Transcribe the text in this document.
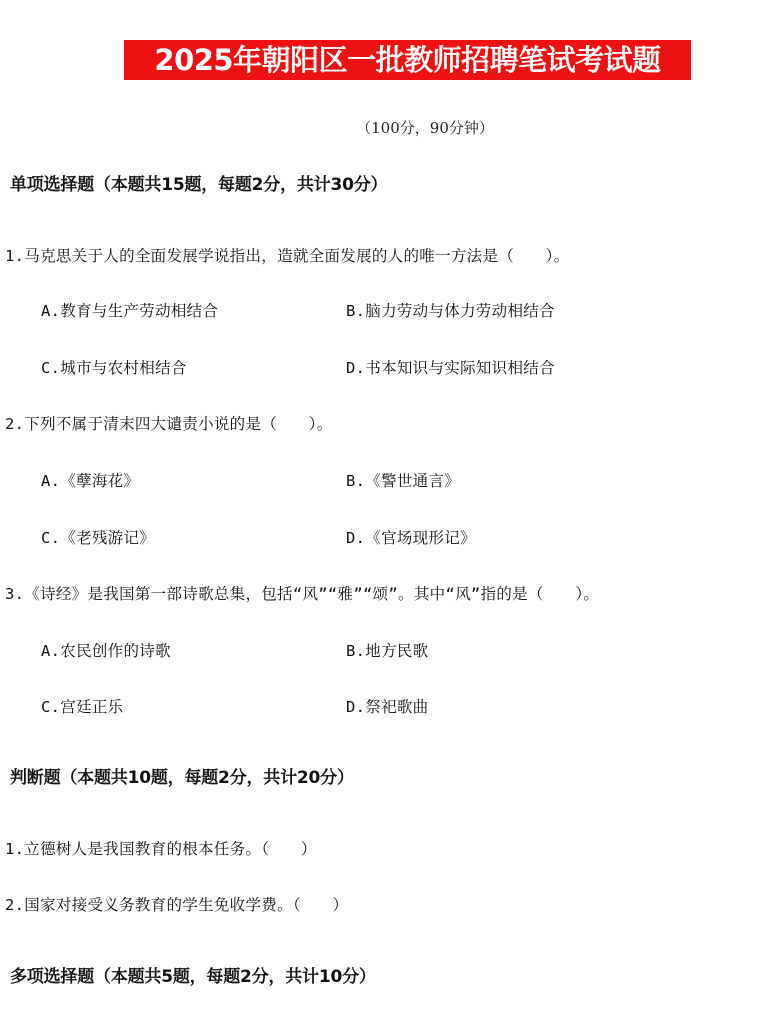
2025年朝阳区一批教师招聘笔试考试题
（100分，90分钟）
单项选择题（本题共15题，每题2分，共计30分）
1.马克思关于人的全面发展学说指出，造就全面发展的人的唯一方法是（　　）。
A.教育与生产劳动相结合	B.脑力劳动与体力劳动相结合
C.城市与农村相结合	D.书本知识与实际知识相结合
2.下列不属于清末四大谴责小说的是（　　）。
A.《孽海花》	B.《警世通言》
C.《老残游记》	D.《官场现形记》
3.《诗经》是我国第一部诗歌总集，包括“风”“雅”“颂”。其中“风”指的是（　　）。
A.农民创作的诗歌	B.地方民歌
C.宫廷正乐	D.祭祀歌曲
判断题（本题共10题，每题2分，共计20分）
1.立德树人是我国教育的根本任务。（　　）
2.国家对接受义务教育的学生免收学费。（　　）
多项选择题（本题共5题，每题2分，共计10分）
